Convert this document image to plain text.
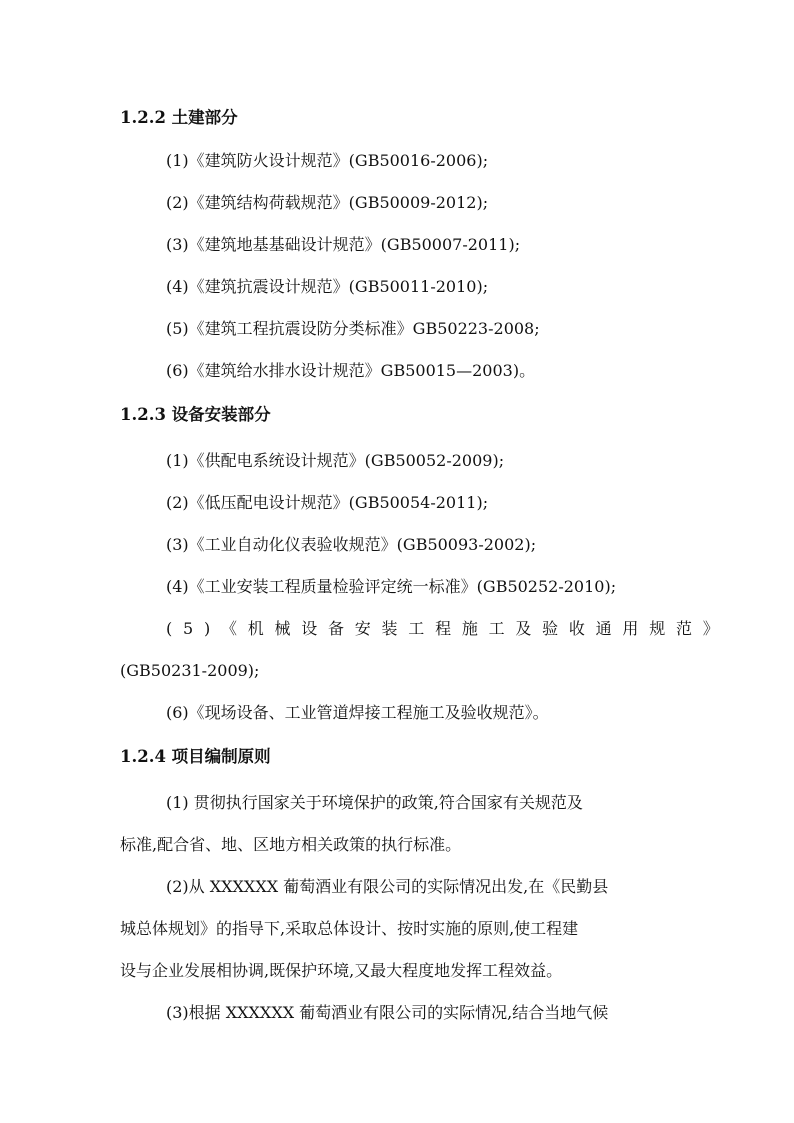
1.2.2 土建部分
(1)《建筑防火设计规范》(GB50016-2006);
(2)《建筑结构荷载规范》(GB50009-2012);
(3)《建筑地基基础设计规范》(GB50007-2011);
(4)《建筑抗震设计规范》(GB50011-2010);
(5)《建筑工程抗震设防分类标准》GB50223-2008;
(6)《建筑给水排水设计规范》GB50015—2003)。
1.2.3 设备安装部分
(1)《供配电系统设计规范》(GB50052-2009);
(2)《低压配电设计规范》(GB50054-2011);
(3)《工业自动化仪表验收规范》(GB50093-2002);
(4)《工业安装工程质量检验评定统一标准》(GB50252-2010);
( 5 ) 《 机 械 设 备 安 装 工 程 施 工 及 验 收 通 用 规 范 》
(GB50231-2009);
(6)《现场设备、工业管道焊接工程施工及验收规范》。
1.2.4 项目编制原则
(1) 贯彻执行国家关于环境保护的政策,符合国家有关规范及
标准,配合省、地、区地方相关政策的执行标准。
(2)从 XXXXXX 葡萄酒业有限公司的实际情况出发,在《民勤县
城总体规划》的指导下,采取总体设计、按时实施的原则,使工程建
设与企业发展相协调,既保护环境,又最大程度地发挥工程效益。
(3)根据 XXXXXX 葡萄酒业有限公司的实际情况,结合当地气候
